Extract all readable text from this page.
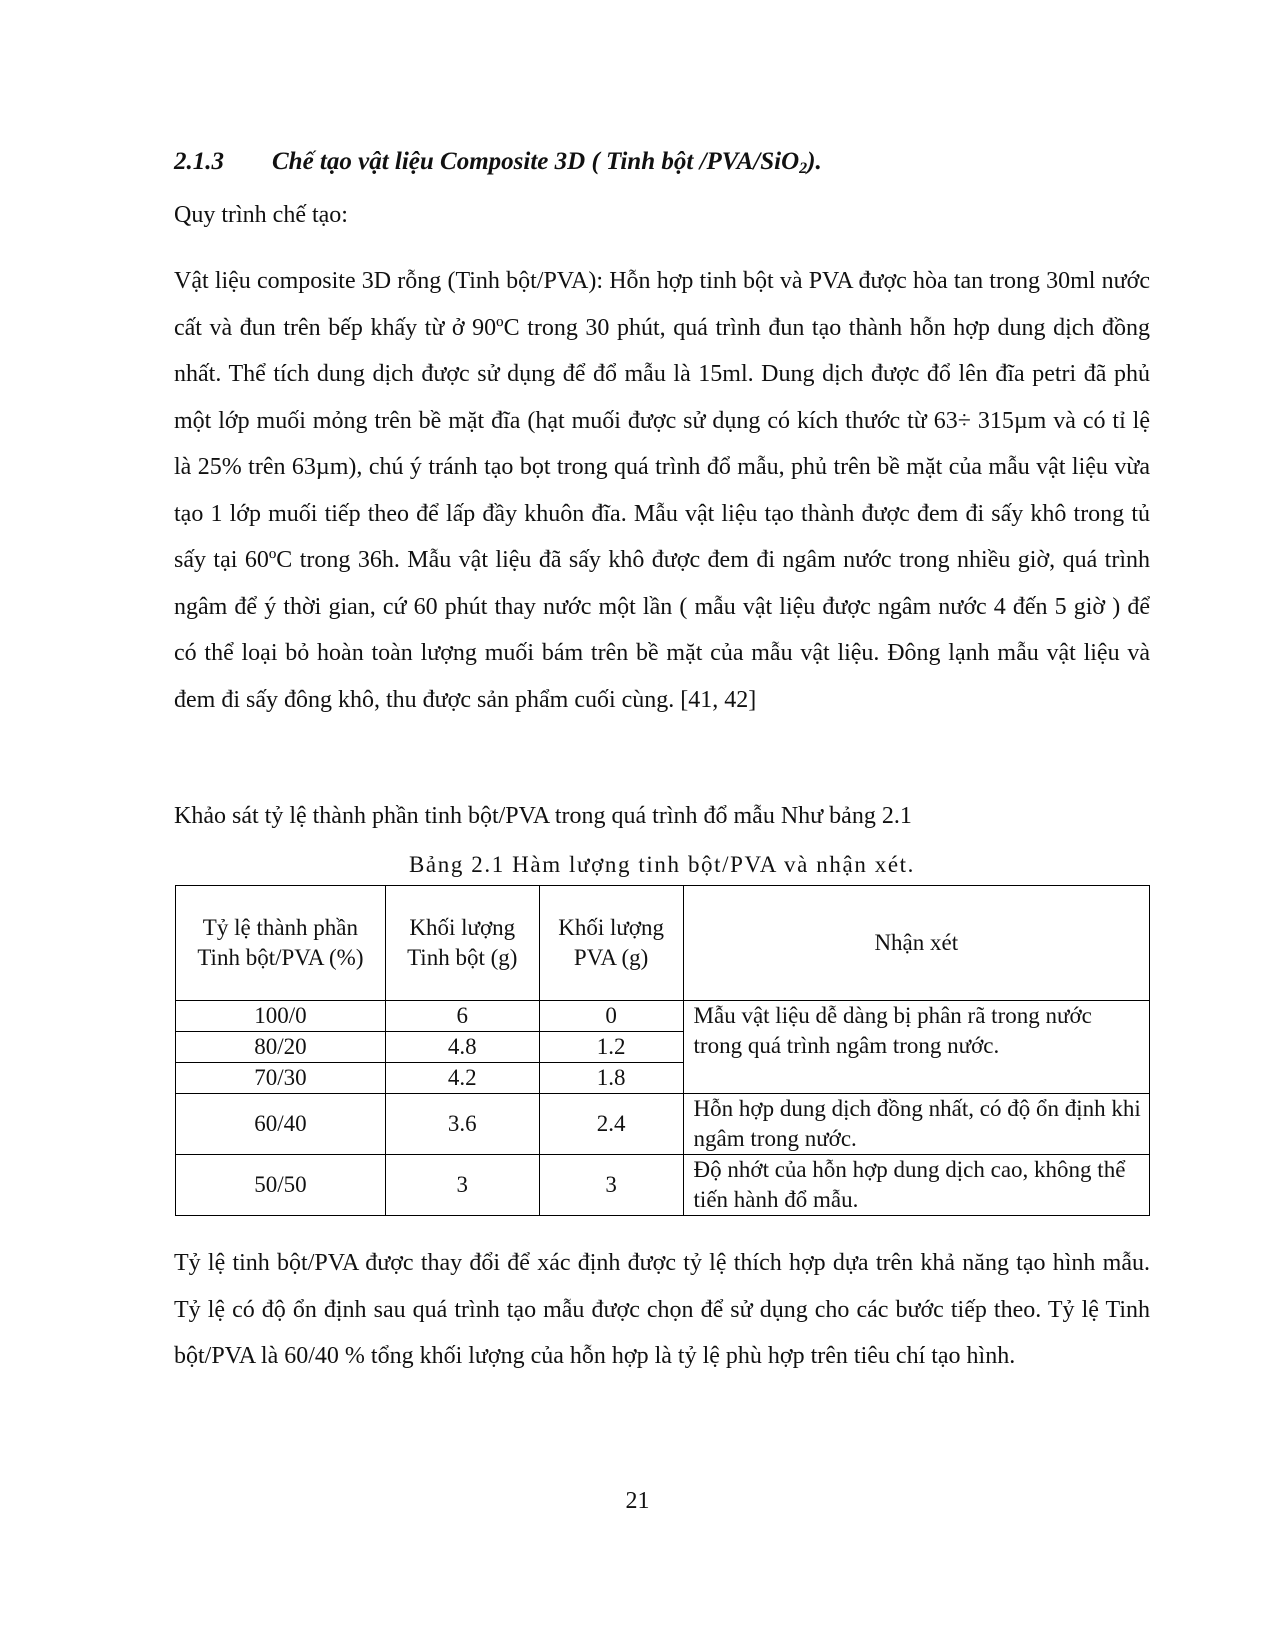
2.1.3 Chế tạo vật liệu Composite 3D ( Tinh bột /PVA/SiO$_2$).
Quy trình chế tạo:

Vật liệu composite 3D rỗng (Tinh bột/PVA): Hỗn hợp tinh bột và PVA được hòa tan trong 30ml nước cất và đun trên bếp khấy từ ở 90ºC trong 30 phút, quá trình đun tạo thành hỗn hợp dung dịch đồng nhất. Thể tích dung dịch được sử dụng để đổ mẫu là 15ml. Dung dịch được đổ lên đĩa petri đã phủ một lớp muối mỏng trên bề mặt đĩa (hạt muối được sử dụng có kích thước từ 63÷ 315µm và có tỉ lệ là 25% trên 63µm), chú ý tránh tạo bọt trong quá trình đổ mẫu, phủ trên bề mặt của mẫu vật liệu vừa tạo 1 lớp muối tiếp theo để lấp đầy khuôn đĩa. Mẫu vật liệu tạo thành được đem đi sấy khô trong tủ sấy tại 60ºC trong 36h. Mẫu vật liệu đã sấy khô được đem đi ngâm nước trong nhiều giờ, quá trình ngâm để ý thời gian, cứ 60 phút thay nước một lần ( mẫu vật liệu được ngâm nước 4 đến 5 giờ ) để có thể loại bỏ hoàn toàn lượng muối bám trên bề mặt của mẫu vật liệu. Đông lạnh mẫu vật liệu và đem đi sấy đông khô, thu được sản phẩm cuối cùng. [41, 42]

Khảo sát tỷ lệ thành phần tinh bột/PVA trong quá trình đổ mẫu Như bảng 2.1
Bảng 2.1 Hàm lượng tinh bột/PVA và nhận xét.
Tỷ lệ thành phần Tinh bột/PVA (%)	Khối lượng Tinh bột (g)	Khối lượng PVA (g)	Nhận xét
100/0	6	0	Mẫu vật liệu dễ dàng bị phân rã trong nước trong quá trình ngâm trong nước.
80/20	4.8	1.2	
70/30	4.2	1.8	
60/40	3.6	2.4	Hỗn hợp dung dịch đồng nhất, có độ ổn định khi ngâm trong nước.
50/50	3	3	Độ nhớt của hỗn hợp dung dịch cao, không thể tiến hành đổ mẫu.

Tỷ lệ tinh bột/PVA được thay đổi để xác định được tỷ lệ thích hợp dựa trên khả năng tạo hình mẫu. Tỷ lệ có độ ổn định sau quá trình tạo mẫu được chọn để sử dụng cho các bước tiếp theo. Tỷ lệ Tinh bột/PVA là 60/40 % tổng khối lượng của hỗn hợp là tỷ lệ phù hợp trên tiêu chí tạo hình.

21
